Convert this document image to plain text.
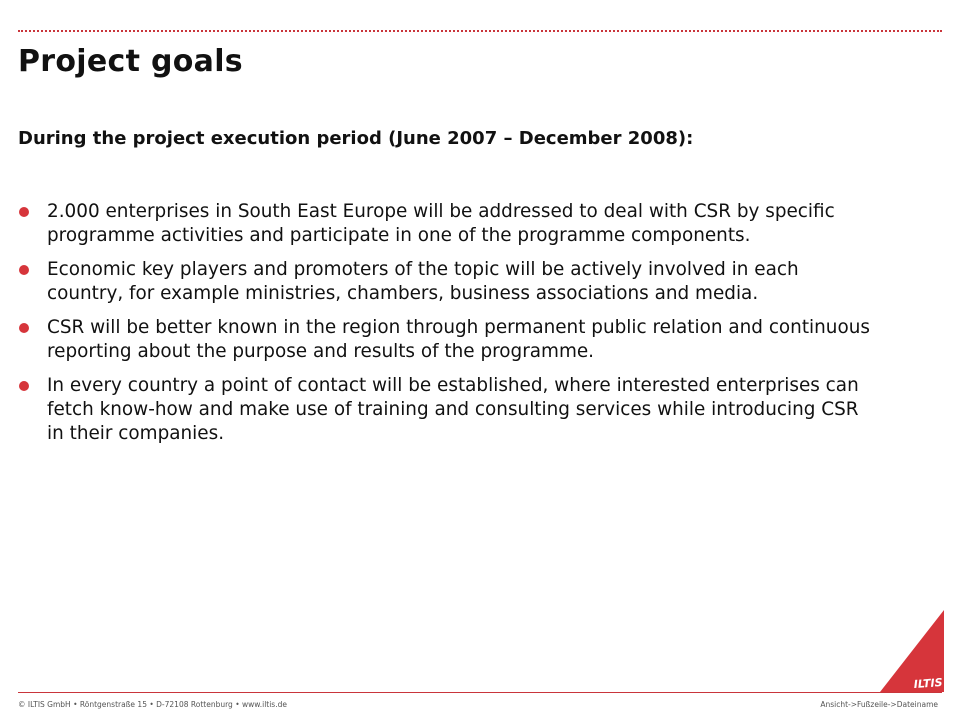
Project goals
During the project execution period (June 2007 – December 2008):
2.000 enterprises in South East Europe will be addressed to deal with CSR by specific programme activities and participate in one of the programme components.
Economic key players and promoters of the topic will be actively involved in each country, for example ministries, chambers, business associations and media.
CSR will be better known in the region through permanent public relation and continuous reporting about the purpose and results of the programme.
In every country a point of contact will be established, where interested enterprises can fetch know-how and make use of training and consulting services while introducing CSR in their companies.
© ILTIS GmbH • Röntgenstraße 15 • D-72108 Rottenburg • www.iltis.de	Ansicht->Fußzeile->Dateiname
ILTIS
